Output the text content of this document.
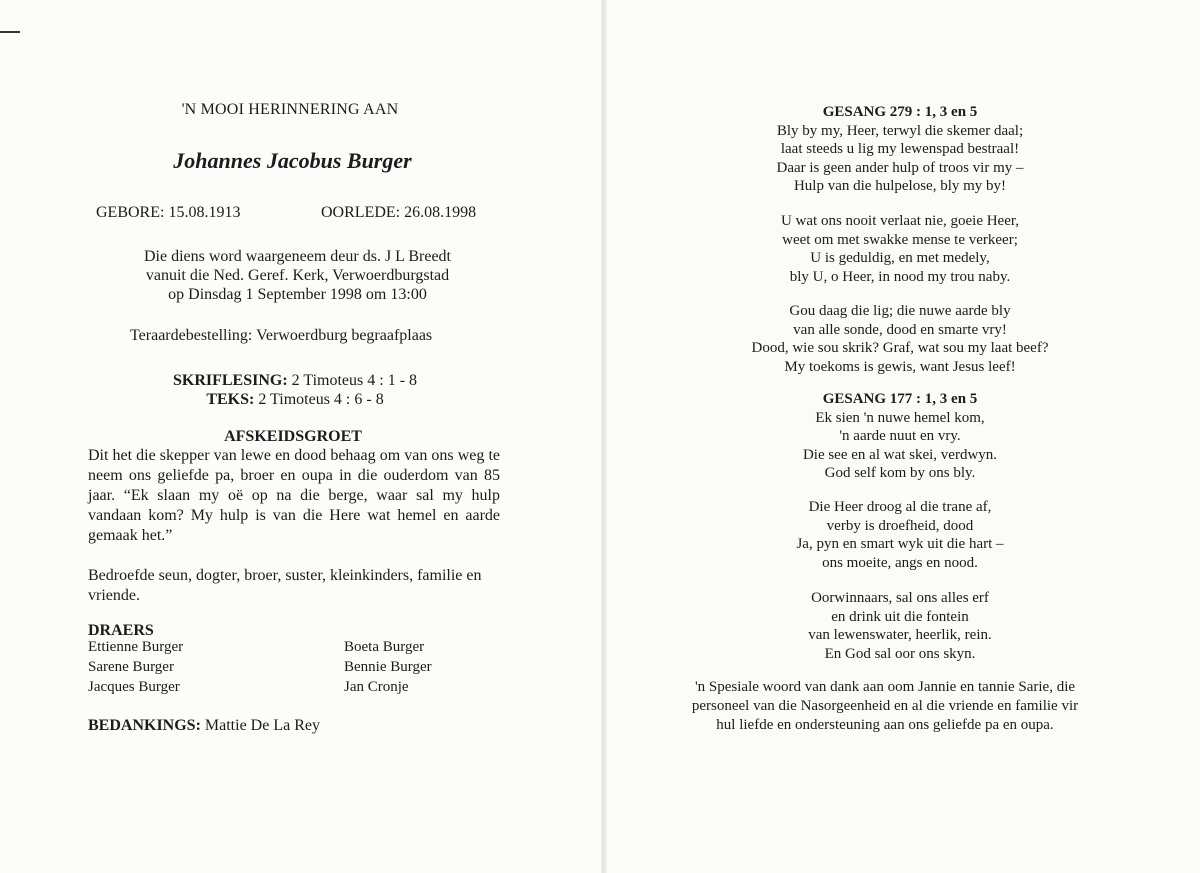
'N MOOI HERINNERING AAN
Johannes Jacobus Burger
GEBORE: 15.08.1913	OORLEDE: 26.08.1998
Die diens word waargeneem deur ds. J L Breedt
vanuit die Ned. Geref. Kerk, Verwoerdburgstad
op Dinsdag 1 September 1998 om 13:00
Teraardebestelling: Verwoerdburg begraafplaas
SKRIFLESING: 2 Timoteus 4 : 1 - 8
TEKS: 2 Timoteus 4 : 6 - 8
AFSKEIDSGROET
Dit het die skepper van lewe en dood behaag om van ons weg te neem ons geliefde pa, broer en oupa in die ouderdom van 85 jaar. “Ek slaan my oë op na die berge, waar sal my hulp vandaan kom? My hulp is van die Here wat hemel en aarde gemaak het.”
Bedroefde seun, dogter, broer, suster, kleinkinders, familie en vriende.
DRAERS
Ettienne Burger
Sarene Burger
Jacques Burger
Boeta Burger
Bennie Burger
Jan Cronje
BEDANKINGS: Mattie De La Rey
GESANG 279 : 1, 3 en 5
Bly by my, Heer, terwyl die skemer daal;
laat steeds u lig my lewenspad bestraal!
Daar is geen ander hulp of troos vir my –
Hulp van die hulpelose, bly my by!
U wat ons nooit verlaat nie, goeie Heer,
weet om met swakke mense te verkeer;
U is geduldig, en met medely,
bly U, o Heer, in nood my trou naby.
Gou daag die lig; die nuwe aarde bly
van alle sonde, dood en smarte vry!
Dood, wie sou skrik? Graf, wat sou my laat beef?
My toekoms is gewis, want Jesus leef!
GESANG 177 : 1, 3 en 5
Ek sien 'n nuwe hemel kom,
'n aarde nuut en vry.
Die see en al wat skei, verdwyn.
God self kom by ons bly.
Die Heer droog al die trane af,
verby is droefheid, dood
Ja, pyn en smart wyk uit die hart –
ons moeite, angs en nood.
Oorwinnaars, sal ons alles erf
en drink uit die fontein
van lewenswater, heerlik, rein.
En God sal oor ons skyn.
'n Spesiale woord van dank aan oom Jannie en tannie Sarie, die
personeel van die Nasorgeenheid en al die vriende en familie vir
hul liefde en ondersteuning aan ons geliefde pa en oupa.
